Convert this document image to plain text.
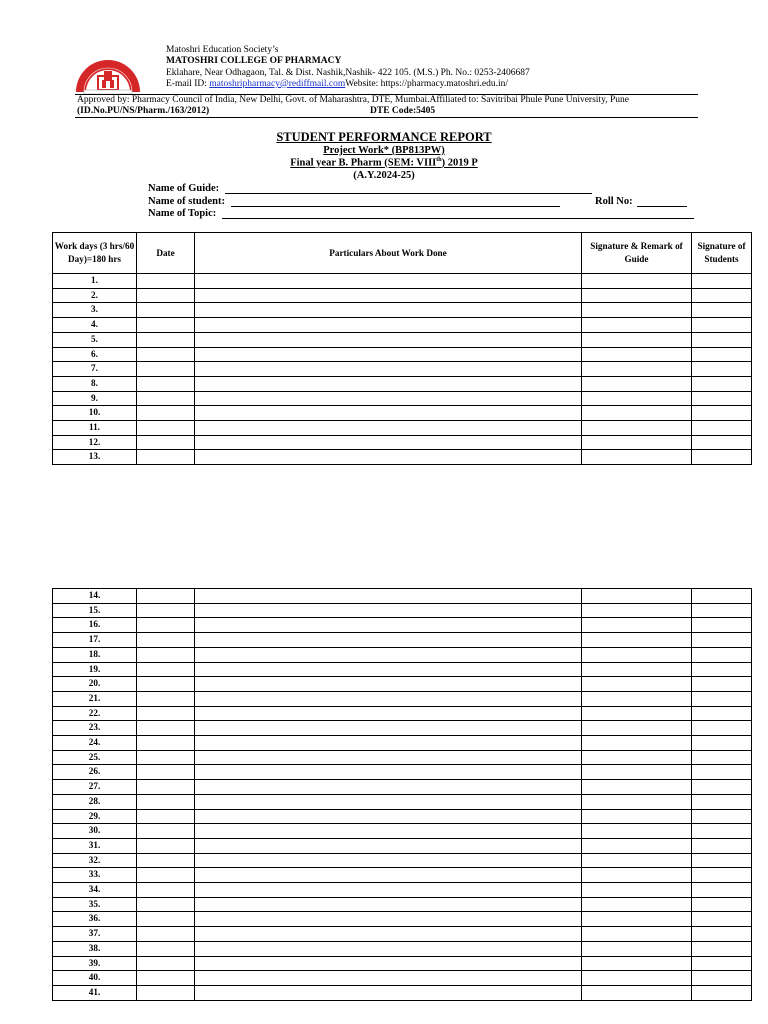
Matoshri Education Society’s
MATOSHRI COLLEGE OF PHARMACY
Eklahare, Near Odhagaon, Tal. & Dist. Nashik,Nashik- 422 105. (M.S.) Ph. No.: 0253-2406687
E-mail ID: matoshripharmacy@rediffmail.comWebsite: https://pharmacy.matoshri.edu.in/
Approved by: Pharmacy Council of India, New Delhi, Govt. of Maharashtra, DTE, Mumbai.Affiliated to: Savitribai Phule Pune University, Pune
(ID.No.PU/NS/Pharm./163/2012)	DTE Code:5405
STUDENT PERFORMANCE REPORT
Project Work* (BP813PW)
Final year B. Pharm (SEM: VIIIth) 2019 P
(A.Y.2024-25)
Name of Guide:
Name of student:	Roll No:
Name of Topic:
Work days (3 hrs/60 Day)=180 hrs	Date	Particulars About Work Done	Signature & Remark of Guide	Signature of Students
1.				
2.				
3.				
4.				
5.				
6.				
7.				
8.				
9.				
10.				
11.				
12.				
13.				
14.				
15.				
16.				
17.				
18.				
19.				
20.				
21.				
22.				
23.				
24.				
25.				
26.				
27.				
28.				
29.				
30.				
31.				
32.				
33.				
34.				
35.				
36.				
37.				
38.				
39.				
40.				
41.				
